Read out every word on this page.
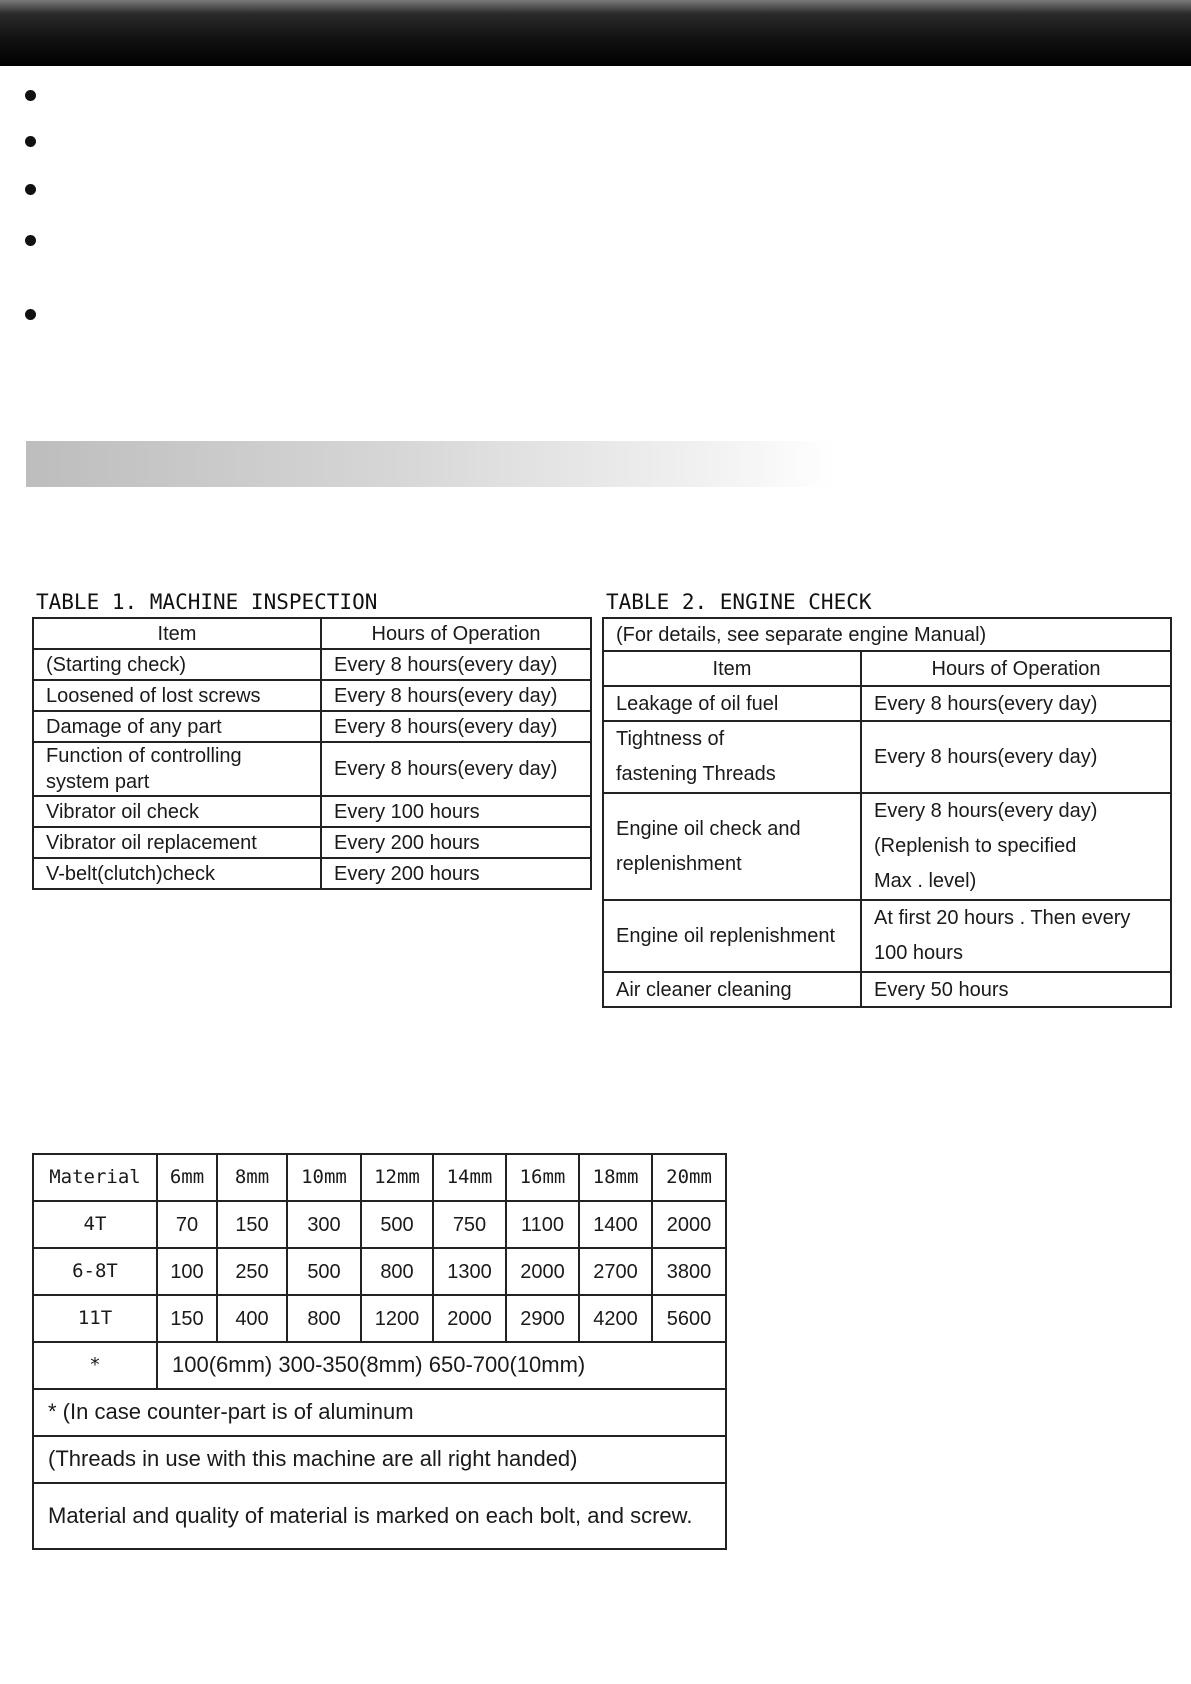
TABLE 1. MACHINE INSPECTION
Item	Hours of Operation
(Starting check)	Every 8 hours(every day)
Loosened of lost screws	Every 8 hours(every day)
Damage of any part	Every 8 hours(every day)
Function of controlling system part	Every 8 hours(every day)
Vibrator oil check	Every 100 hours
Vibrator oil replacement	Every 200 hours
V-belt(clutch)check	Every 200 hours
TABLE 2. ENGINE CHECK
(For details, see separate engine Manual)	
Item	Hours of Operation
Leakage of oil fuel	Every 8 hours(every day)
Tightness of fastening Threads	Every 8 hours(every day)
Engine oil check and replenishment	Every 8 hours(every day) (Replenish to specified Max . level)
Engine oil replenishment	At first 20 hours . Then every 100 hours
Air cleaner cleaning	Every 50 hours
Material	6mm	8mm	10mm	12mm	14mm	16mm	18mm	20mm
4T	70	150	300	500	750	1100	1400	2000
6-8T	100	250	500	800	1300	2000	2700	3800
11T	150	400	800	1200	2000	2900	4200	5600
*	100(6mm) 300-350(8mm) 650-700(10mm)							
* (In case counter-part is of aluminum								
(Threads in use with this machine are all right handed)								
Material and quality of material is marked on each bolt, and screw.								
